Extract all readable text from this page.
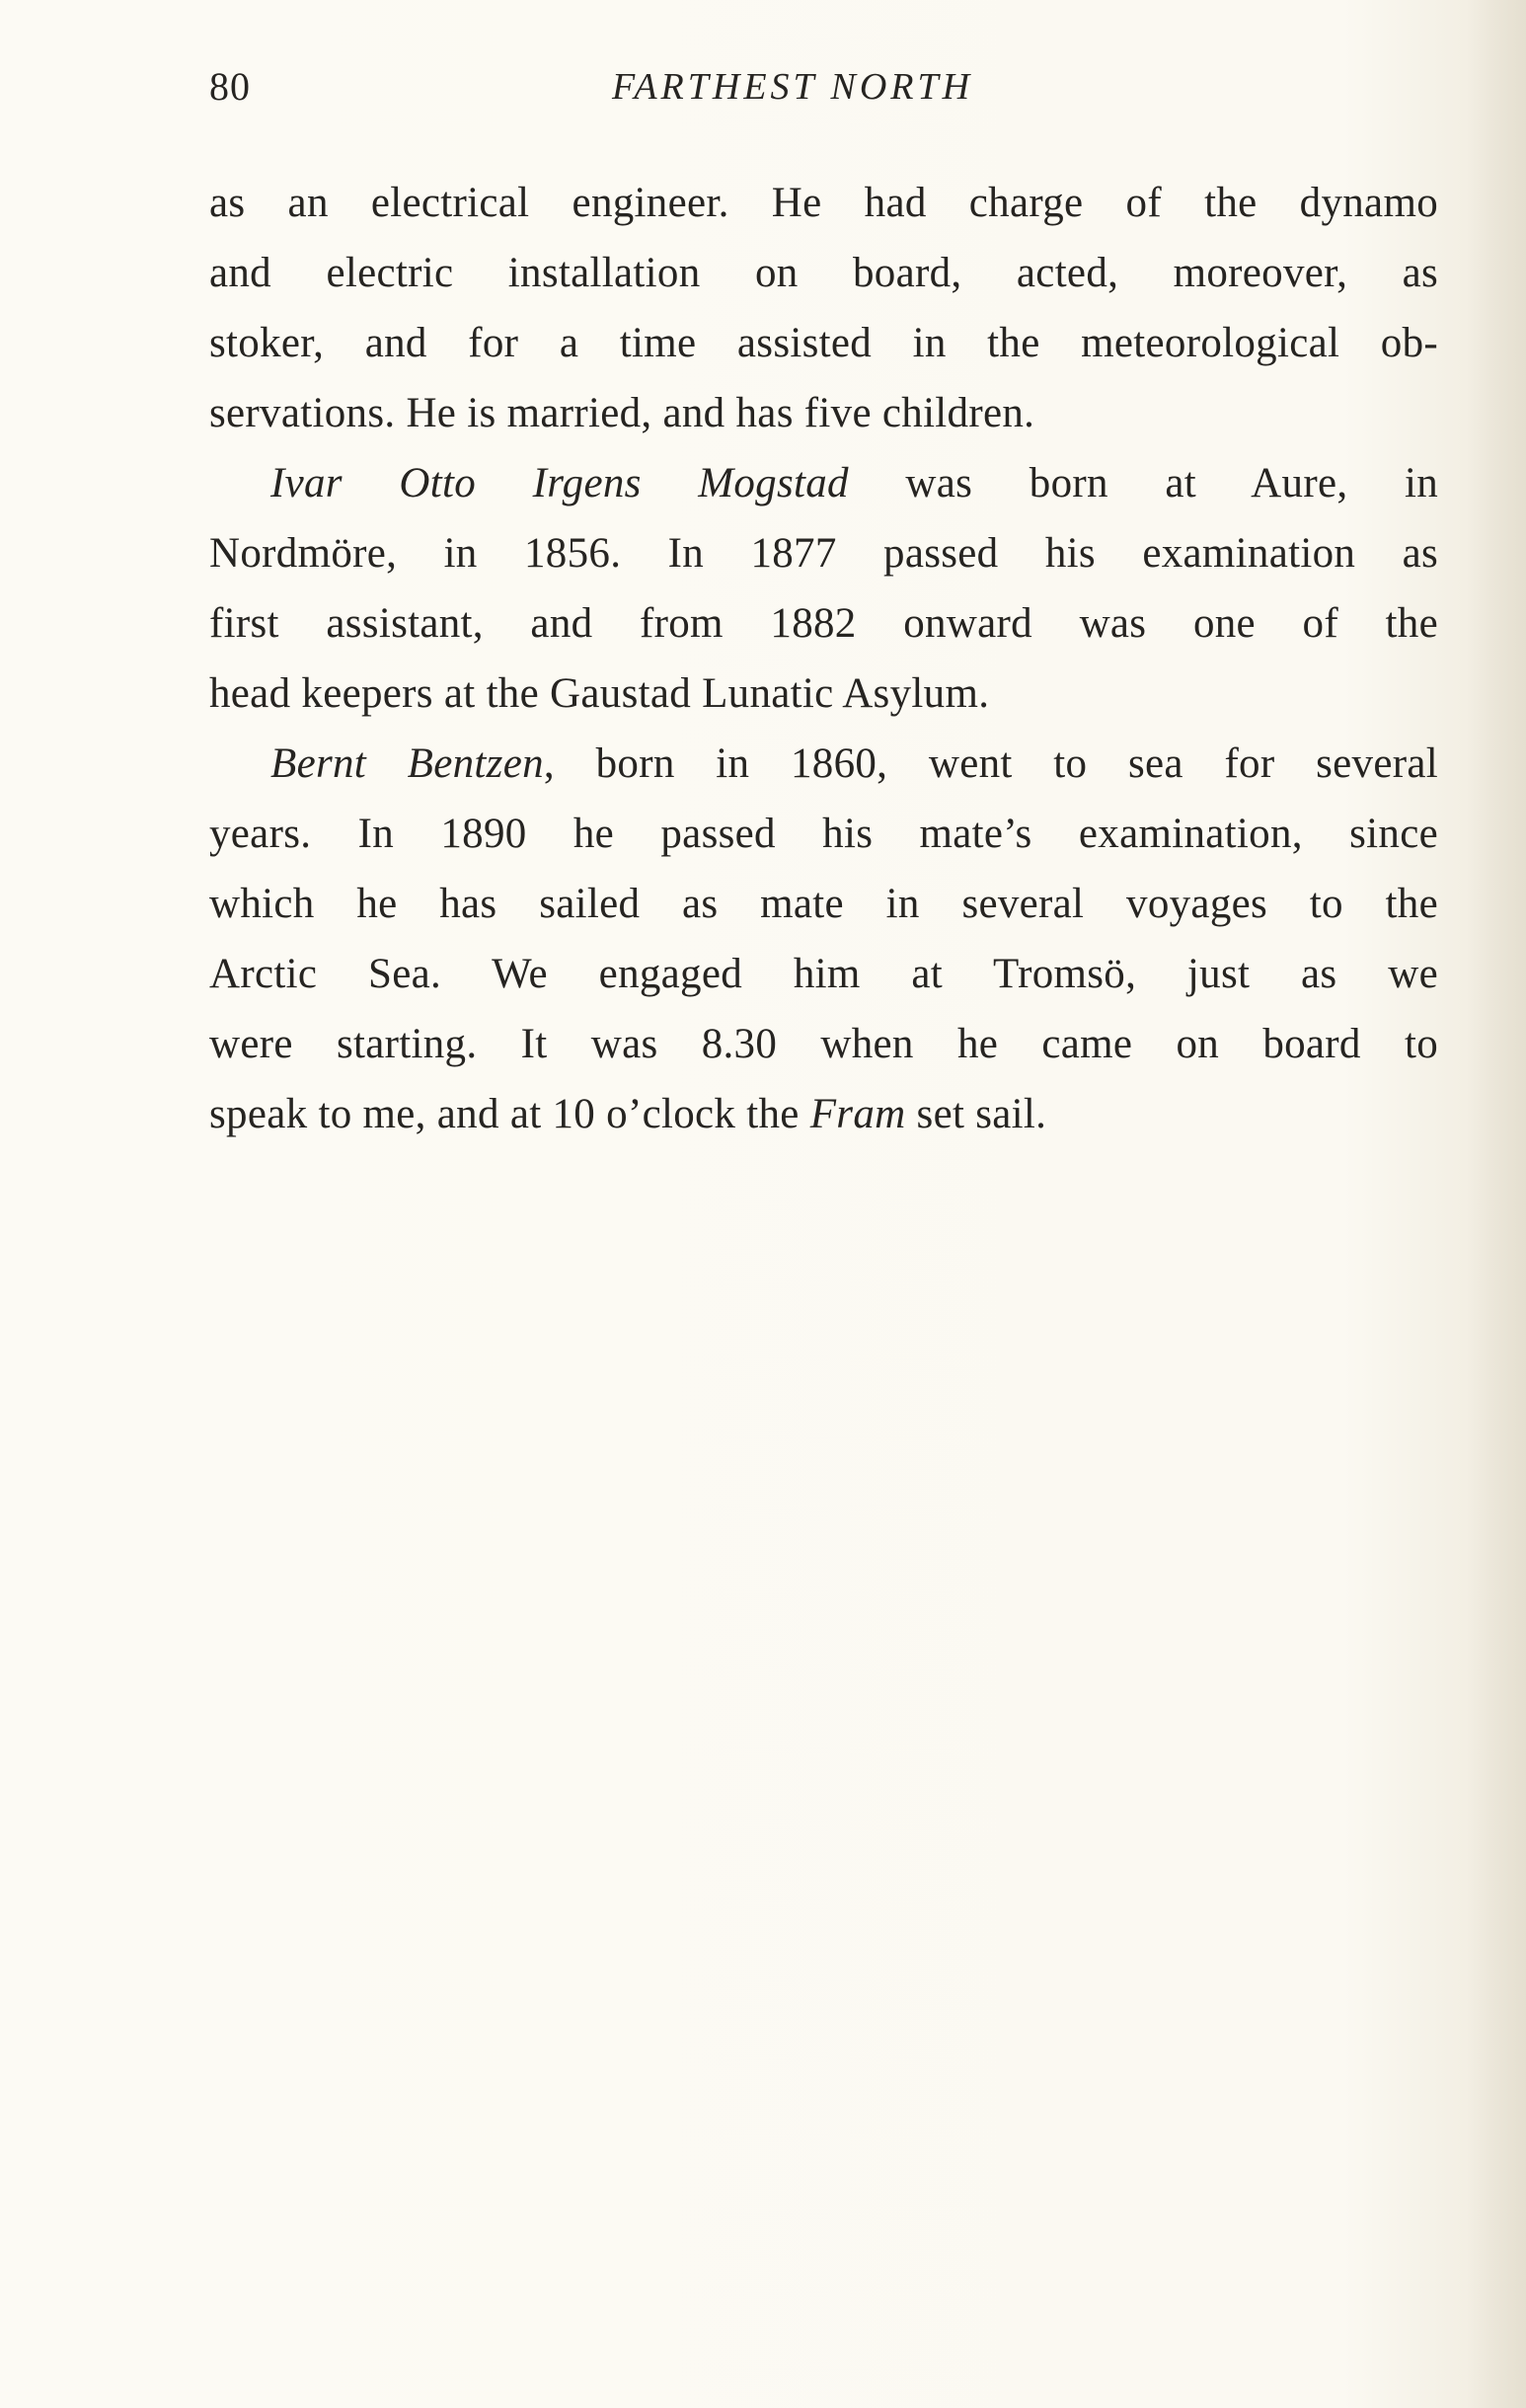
80	FARTHEST NORTH
as an electrical engineer. He had charge of the dynamo
and electric installation on board, acted, moreover, as
stoker, and for a time assisted in the meteorological ob-
servations. He is married, and has five children.
Ivar Otto Irgens Mogstad was born at Aure, in
Nordmöre, in 1856. In 1877 passed his examination as
first assistant, and from 1882 onward was one of the
head keepers at the Gaustad Lunatic Asylum.
Bernt Bentzen, born in 1860, went to sea for several
years. In 1890 he passed his mate’s examination, since
which he has sailed as mate in several voyages to the
Arctic Sea. We engaged him at Tromsö, just as we
were starting. It was 8.30 when he came on board to
speak to me, and at 10 o’clock the Fram set sail.
